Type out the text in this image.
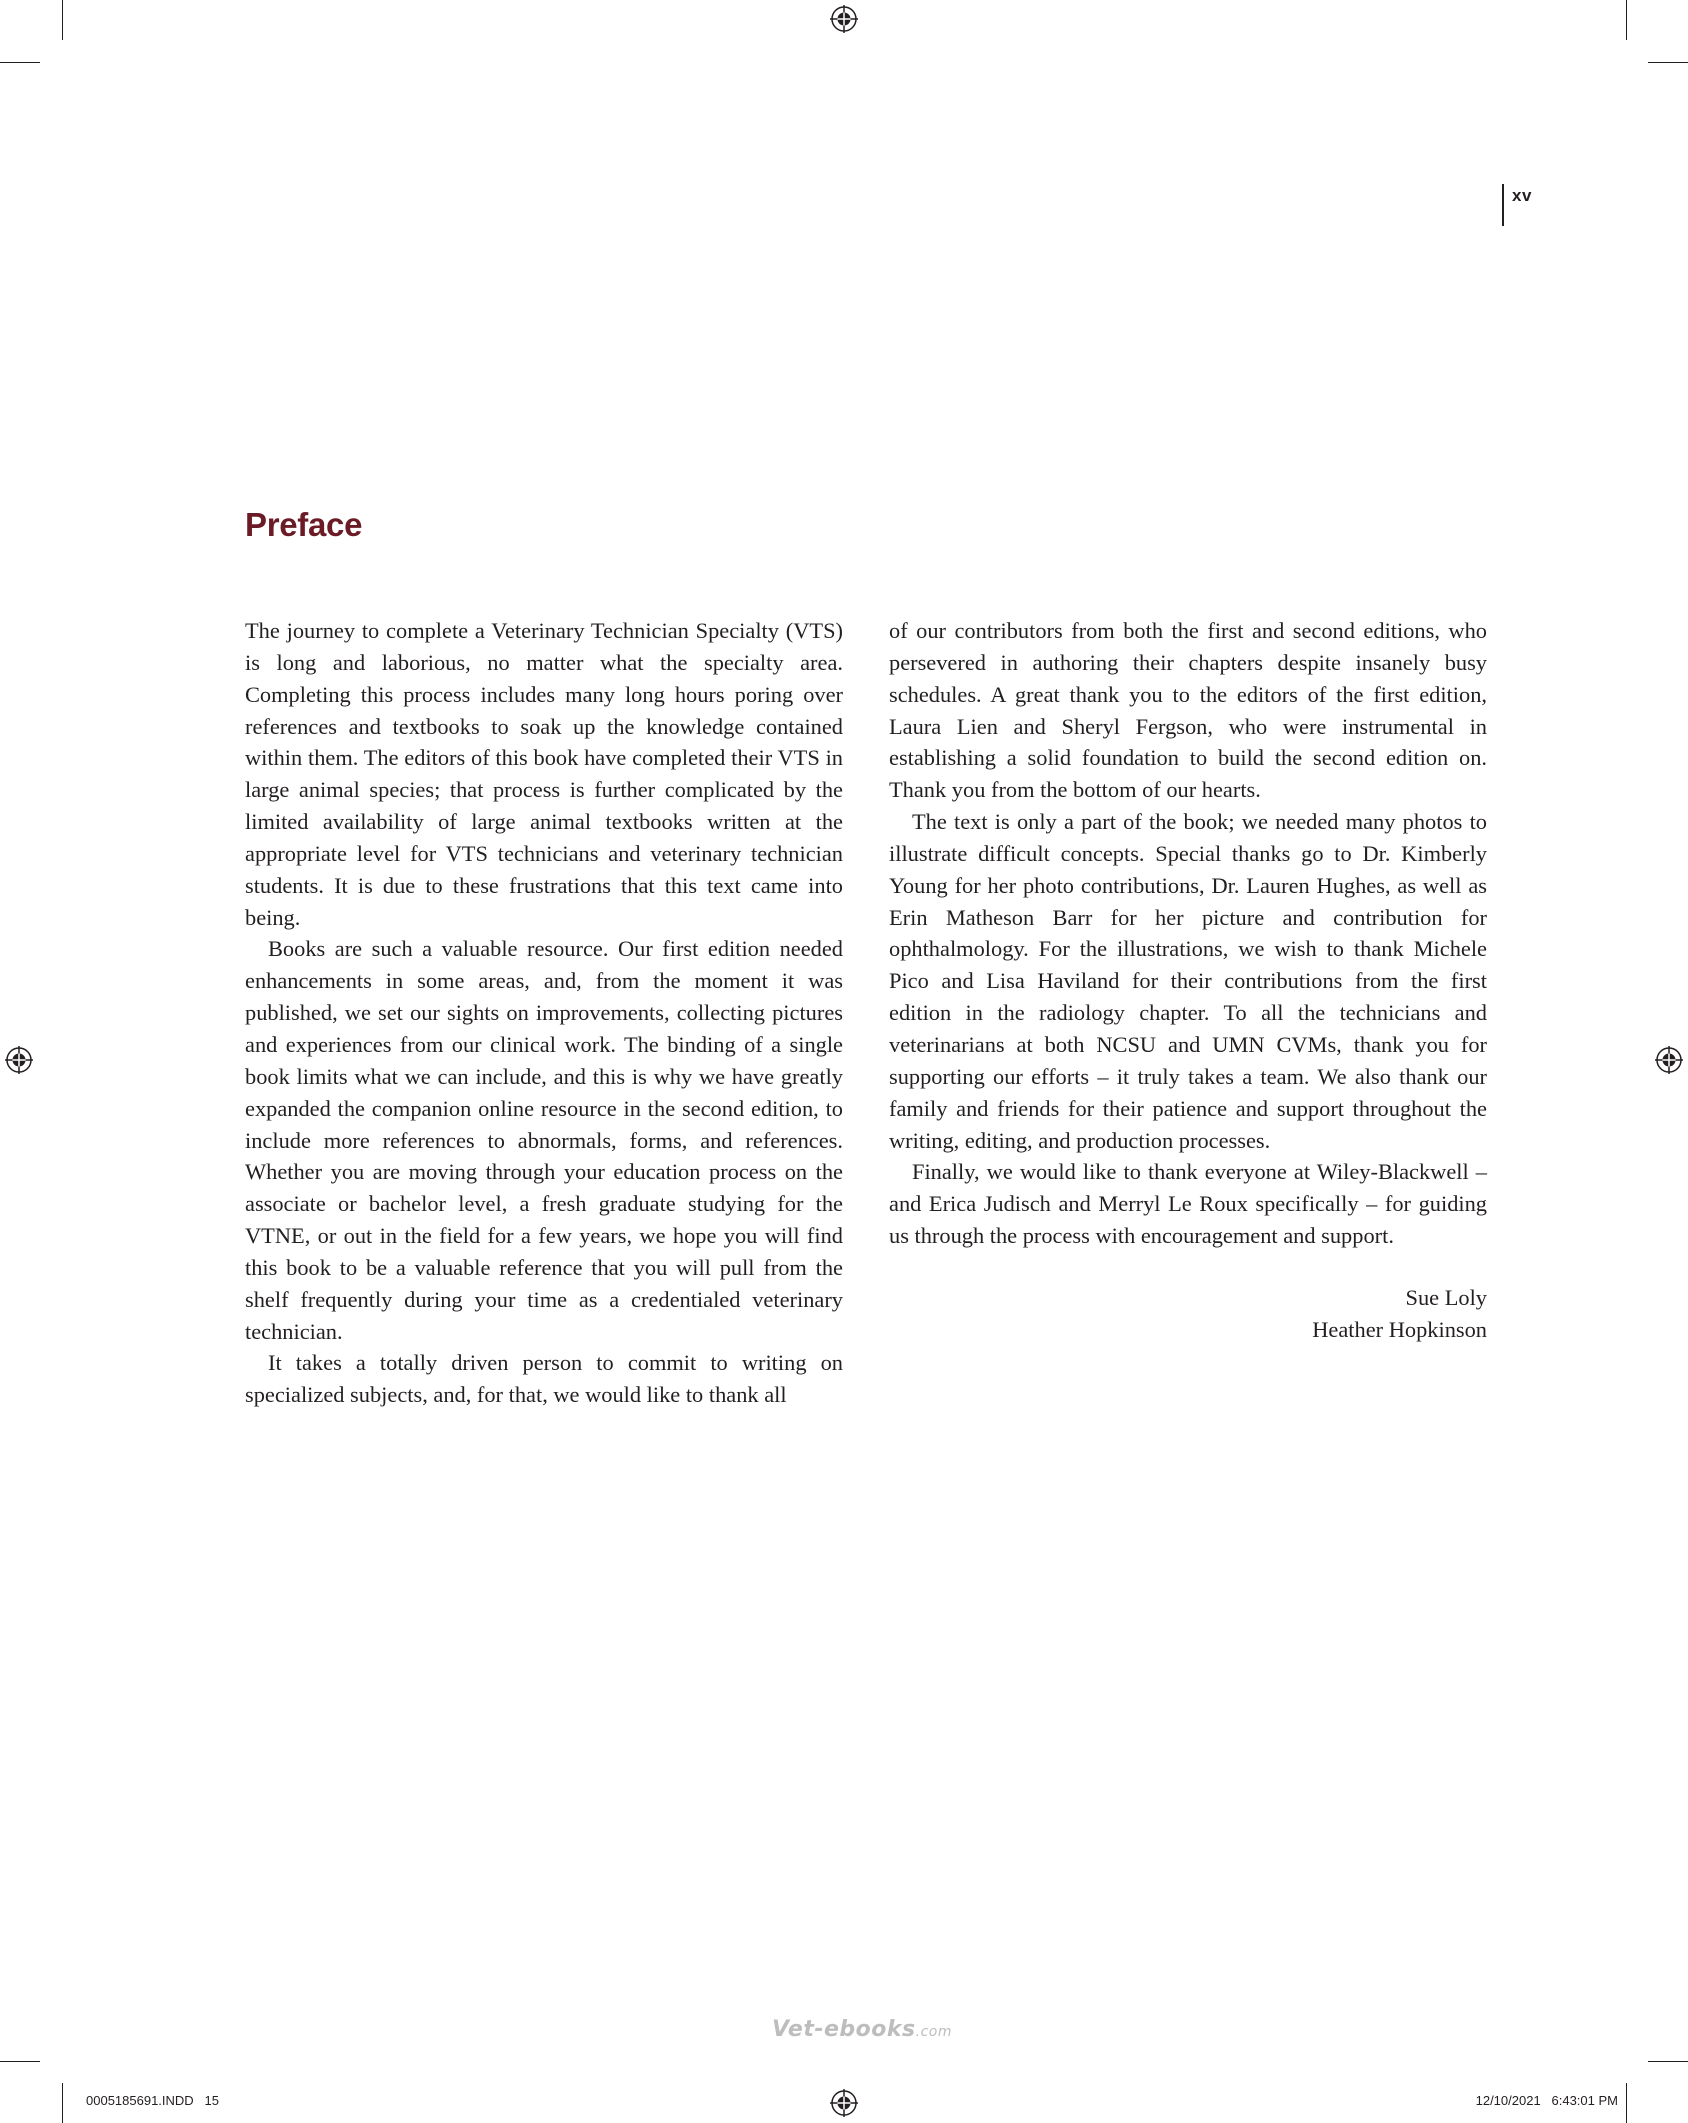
xv
Preface

The journey to complete a Veterinary Technician Specialty (VTS) is long and laborious, no matter what the specialty area. Completing this process includes many long hours poring over references and textbooks to soak up the knowledge contained within them. The editors of this book have completed their VTS in large animal species; that process is further complicated by the limited availability of large animal textbooks written at the appropriate level for VTS technicians and veterinary technician students. It is due to these frustrations that this text came into being.

Books are such a valuable resource. Our first edition needed enhancements in some areas, and, from the moment it was published, we set our sights on improvements, collecting pictures and experiences from our clinical work. The binding of a single book limits what we can include, and this is why we have greatly expanded the companion online resource in the second edition, to include more references to abnormals, forms, and references. Whether you are moving through your education process on the associate or bachelor level, a fresh graduate studying for the VTNE, or out in the field for a few years, we hope you will find this book to be a valuable reference that you will pull from the shelf frequently during your time as a credentialed veterinary technician.

It takes a totally driven person to commit to writing on specialized subjects, and, for that, we would like to thank all

of our contributors from both the first and second editions, who persevered in authoring their chapters despite insanely busy schedules. A great thank you to the editors of the first edition, Laura Lien and Sheryl Fergson, who were instrumental in establishing a solid foundation to build the second edition on. Thank you from the bottom of our hearts.

The text is only a part of the book; we needed many photos to illustrate difficult concepts. Special thanks go to Dr. Kimberly Young for her photo contributions, Dr. Lauren Hughes, as well as Erin Matheson Barr for her picture and contribution for ophthalmology. For the illustrations, we wish to thank Michele Pico and Lisa Haviland for their contributions from the first edition in the radiology chapter. To all the technicians and veterinarians at both NCSU and UMN CVMs, thank you for supporting our efforts – it truly takes a team. We also thank our family and friends for their patience and support throughout the writing, editing, and production processes.

Finally, we would like to thank everyone at Wiley-Blackwell – and Erica Judisch and Merryl Le Roux specifically – for guiding us through the process with encouragement and support.

Sue Loly
Heather Hopkinson
Vet-ebooks.com
0005185691.INDD   15	12/10/2021   6:43:01 PM
